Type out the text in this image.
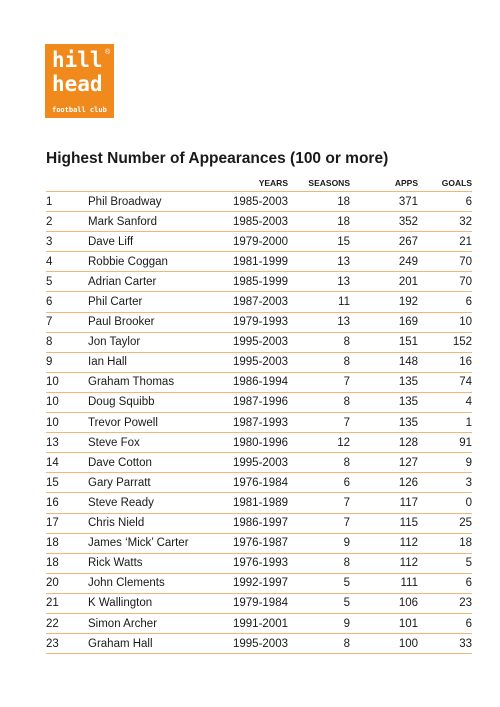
hill ®
head
football club
Highest Number of Appearances (100 or more)
		YEARS	SEASONS	APPS	GOALS
1	Phil Broadway	1985-2003	18	371	6
2	Mark Sanford	1985-2003	18	352	32
3	Dave Liff	1979-2000	15	267	21
4	Robbie Coggan	1981-1999	13	249	70
5	Adrian Carter	1985-1999	13	201	70
6	Phil Carter	1987-2003	11	192	6
7	Paul Brooker	1979-1993	13	169	10
8	Jon Taylor	1995-2003	8	151	152
9	Ian Hall	1995-2003	8	148	16
10	Graham Thomas	1986-1994	7	135	74
10	Doug Squibb	1987-1996	8	135	4
10	Trevor Powell	1987-1993	7	135	1
13	Steve Fox	1980-1996	12	128	91
14	Dave Cotton	1995-2003	8	127	9
15	Gary Parratt	1976-1984	6	126	3
16	Steve Ready	1981-1989	7	117	0
17	Chris Nield	1986-1997	7	115	25
18	James ‘Mick’ Carter	1976-1987	9	112	18
18	Rick Watts	1976-1993	8	112	5
20	John Clements	1992-1997	5	111	6
21	K Wallington	1979-1984	5	106	23
22	Simon Archer	1991-2001	9	101	6
23	Graham Hall	1995-2003	8	100	33
